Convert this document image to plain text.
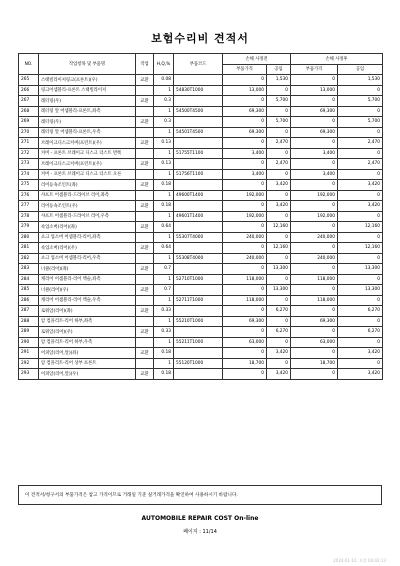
보험수리비 견적서
NO.	작업항목 및 부품명	작업	H,Q,%	부품코드	손해 사정전		손해 사정후	
					부품가격	공임	부품가격	공임
265	스태빌라이저링크(프론트)(우)	교환	0.08		0	1,530	0	1,530
266	링크어셈블리-프론트 스태빌라이저		1	54830T1000	13,000	0	13,000	0
267	레터링(우)	교환	0.3		0	5,700	0	5,700
268	레터링 앞 어셈블리-프론트,좌측		1	54500T4500	69,300	0	69,300	0
269	레터링(우)	교환	0.3		0	5,700	0	5,700
270	레터링 앞 어셈블리-프론트,우측		1	54501T4500	69,300	0	69,300	0
271	브레이크디스크커버(프런트)(우)	교환	0.13		0	2,470	0	2,470
272	커버 - 프론트 브레이크 디스크 더스트 반쪽		1	51755T1100	3,400	0	3,400	0
273	브레이크디스크커버(프런트)(우)	교환	0.13		0	2,470	0	2,470
274	커버 - 프론트 브레이크 디스크 더스트 오른		1	51756T1100	3,400	0	3,400	0
275	리어등속조인트(좌)	교환	0.18		0	3,420	0	3,420
276	샤프트 어셈블리-드라이브 리어,좌측		1	49600T1400	192,000	0	192,000	0
277	리어등속조인트(우)	교환	0.18		0	3,420	0	3,420
278	샤프트 어셈블리-드라이브 리어,우측		1	49601T1400	192,000	0	192,000	0
279	쇽업소버(리어)(좌)	교환	0.64		0	12,160	0	12,160
280	쇼크 업소버 어셈블리-리어,좌측		1	55307T4000	240,000	0	240,000	0
281	쇽업소버(리어)(우)	교환	0.64		0	12,160	0	12,160
282	쇼크 업소버 어셈블리-리어,우측		1	55308T4000	240,000	0	240,000	0
283	너클(리어)(좌)	교환	0.7		0	13,300	0	13,300
284	캐리어 어셈블리-리어 액슬,좌측		1	52710T1000	118,000	0	118,000	0
285	너클(리어)(우)	교환	0.7		0	13,300	0	13,300
286	캐리어 어셈블리-리어 액슬,우측		1	52711T1000	118,000	0	118,000	0
287	로워암(리어)(좌)	교환	0.33		0	6,270	0	6,270
288	암 컴플리트-리어 하부,좌측		1	55210T1000	69,300	0	69,300	0
289	로워암(리어)(우)	교환	0.33		0	6,270	0	6,270
290	암 컴플리트-리어 하부,우측		1	55211T1000	63,000	0	63,000	0
291	어퍼암(리어,앞)(좌)	교환	0.18		0	3,420	0	3,420
292	암 컴플리트-리어 상부 프론트		1	55120T1000	18,700	0	18,700	0
293	어퍼암(리어,앞)(우)	교환	0.18		0	3,420	0	3,420
이 견적서/청구서의 부품가격은 참고 가격이므로 거래일 기준 실거래가격을 확인하여 사용하시기 바랍니다.
AUTOMOBILE REPAIR COST On-line
페이지 : 11/14
2024-01-10, 오후 04:02:13
